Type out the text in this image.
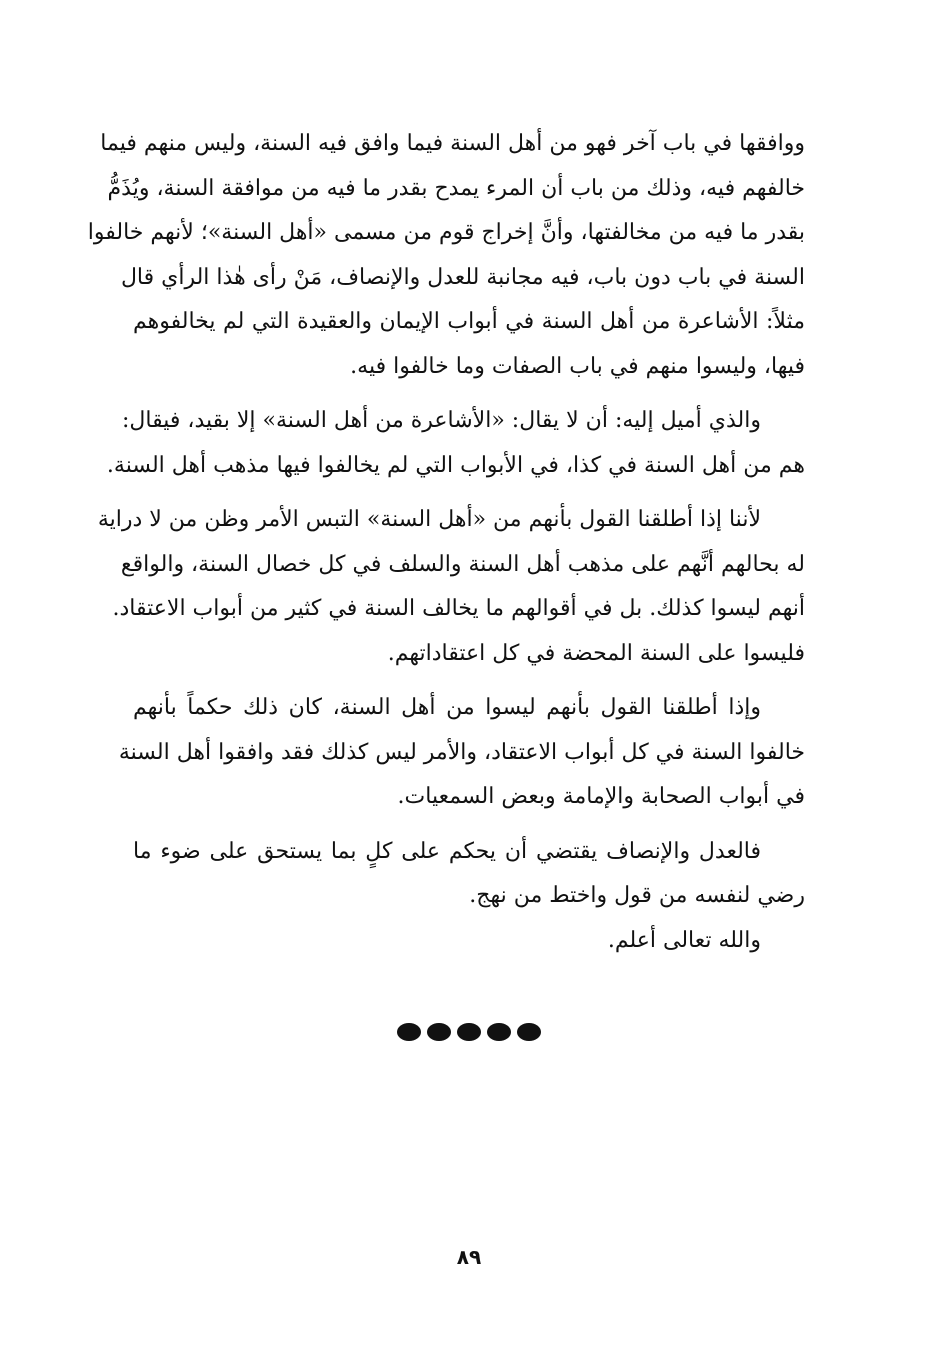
ووافقها في باب آخر فهو من أهل السنة فيما وافق فيه السنة، وليس منهم فيما
خالفهم فيه، وذلك من باب أن المرء يمدح بقدر ما فيه من موافقة السنة، ويُذَمُّ
بقدر ما فيه من مخالفتها، وأنَّ إخراج قوم من مسمى «أهل السنة»؛ لأنهم خالفوا
السنة في باب دون باب، فيه مجانبة للعدل والإنصاف، مَنْ رأى هٰذا الرأي قال
مثلاً: الأشاعرة من أهل السنة في أبواب الإيمان والعقيدة التي لم يخالفوهم
فيها، وليسوا منهم في باب الصفات وما خالفوا فيه.
والذي أميل إليه: أن لا يقال: «الأشاعرة من أهل السنة» إلا بقيد، فيقال:
هم من أهل السنة في كذا، في الأبواب التي لم يخالفوا فيها مذهب أهل السنة.
لأننا إذا أطلقنا القول بأنهم من «أهل السنة» التبس الأمر وظن من لا دراية
له بحالهم أنَّهم على مذهب أهل السنة والسلف في كل خصال السنة، والواقع
أنهم ليسوا كذلك. بل في أقوالهم ما يخالف السنة في كثير من أبواب الاعتقاد.
فليسوا على السنة المحضة في كل اعتقاداتهم.
وإذا أطلقنا القول بأنهم ليسوا من أهل السنة، كان ذلك حكماً بأنهم
خالفوا السنة في كل أبواب الاعتقاد، والأمر ليس كذلك فقد وافقوا أهل السنة
في أبواب الصحابة والإمامة وبعض السمعيات.
فالعدل والإنصاف يقتضي أن يحكم على كلٍ بما يستحق على ضوء ما
رضي لنفسه من قول واختط من نهج.
والله تعالى أعلم.
٨٩
